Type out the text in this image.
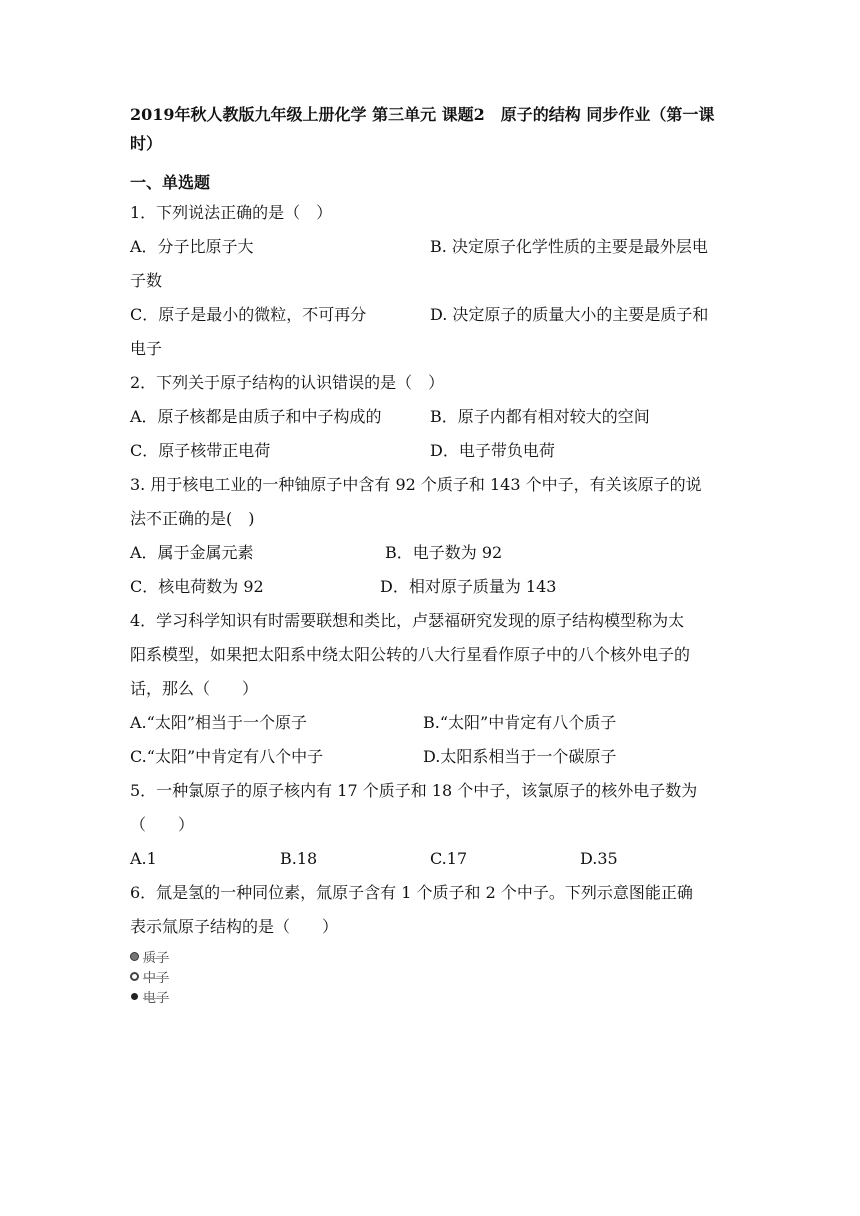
2019年秋人教版九年级上册化学 第三单元 课题2　原子的结构 同步作业（第一课时）
一、单选题
1．下列说法正确的是（　）
A．分子比原子大	B. 决定原子化学性质的主要是最外层电
子数
C．原子是最小的微粒，不可再分	D. 决定原子的质量大小的主要是质子和
电子
2．下列关于原子结构的认识错误的是（　）
A．原子核都是由质子和中子构成的	B．原子内都有相对较大的空间
C．原子核带正电荷	D．电子带负电荷
3. 用于核电工业的一种铀原子中含有 92 个质子和 143 个中子，有关该原子的说
法不正确的是(　)
A．属于金属元素	B．电子数为 92
C．核电荷数为 92	D．相对原子质量为 143
4．学习科学知识有时需要联想和类比，卢瑟福研究发现的原子结构模型称为太
阳系模型，如果把太阳系中绕太阳公转的八大行星看作原子中的八个核外电子的
话，那么（　　）
A.“太阳”相当于一个原子	B.“太阳”中肯定有八个质子
C.“太阳”中肯定有八个中子	D.太阳系相当于一个碳原子
5．一种氯原子的原子核内有 17 个质子和 18 个中子，该氯原子的核外电子数为
（　　）
A.1	B.18	C.17	D.35
6．氚是氢的一种同位素，氚原子含有 1 个质子和 2 个中子。下列示意图能正确
表示氚原子结构的是（　　）
质子
中子
电子
